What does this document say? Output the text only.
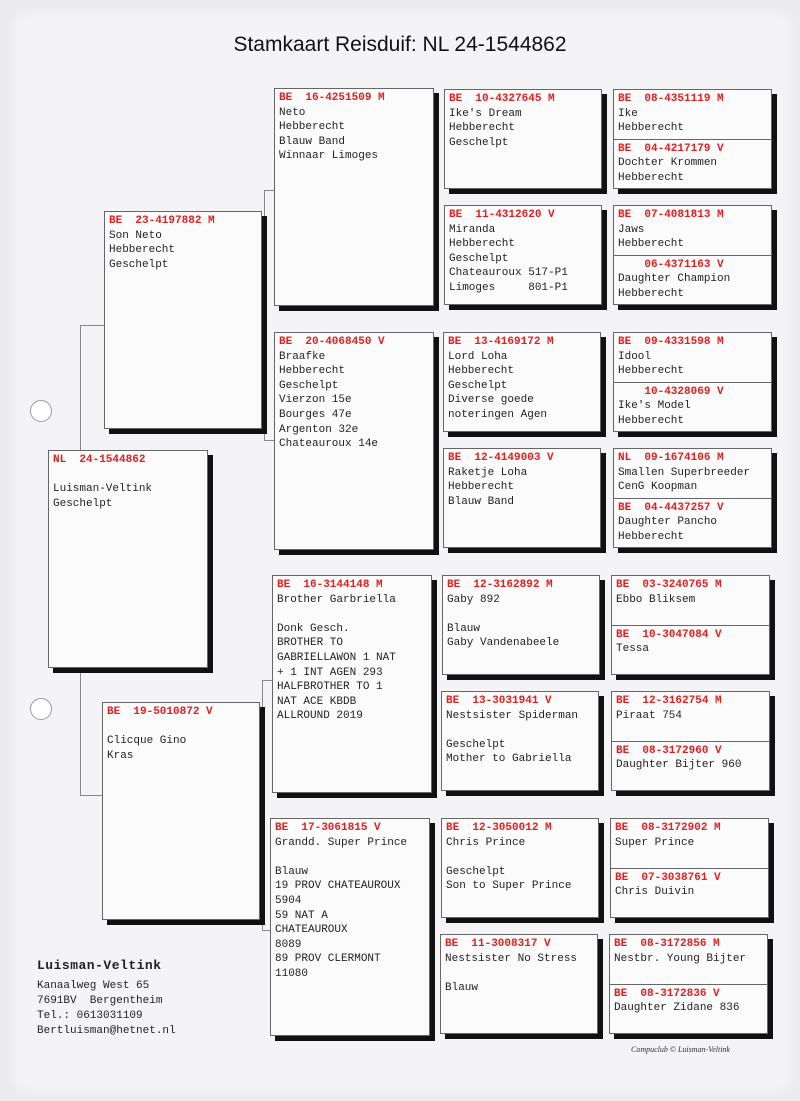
Stamkaart Reisduif: NL 24-1544862
NL  24-1544862
Luisman-Veltink
Geschelpt
BE  23-4197882 M
Son Neto
Hebberecht
Geschelpt
BE  19-5010872 V
Clicque Gino
Kras
BE  16-4251509 M
Neto
Hebberecht
Blauw Band
Winnaar Limoges
BE  20-4068450 V
Braafke
Hebberecht
Geschelpt
Vierzon 15e
Bourges 47e
Argenton 32e
Chateauroux 14e
BE  16-3144148 M
Brother Garbriella
Donk Gesch.
BROTHER TO
GABRIELLAWON 1 NAT
+ 1 INT AGEN 293
HALFBROTHER TO 1
NAT ACE KBDB
ALLROUND 2019
BE  17-3061815 V
Grandd. Super Prince
Blauw
19 PROV CHATEAUROUX
5904
59 NAT A
CHATEAUROUX
8089
89 PROV CLERMONT
11080
BE  10-4327645 M
Ike's Dream
Hebberecht
Geschelpt
BE  11-4312620 V
Miranda
Hebberecht
Geschelpt
Chateauroux 517-P1
Limoges     801-P1
BE  13-4169172 M
Lord Loha
Hebberecht
Geschelpt
Diverse goede
noteringen Agen
BE  12-4149003 V
Raketje Loha
Hebberecht
Blauw Band
BE  12-3162892 M
Gaby 892
Blauw
Gaby Vandenabeele
BE  13-3031941 V
Nestsister Spiderman
Geschelpt
Mother to Gabriella
BE  12-3050012 M
Chris Prince
Geschelpt
Son to Super Prince
BE  11-3008317 V
Nestsister No Stress
Blauw
BE  08-4351119 M
Ike
Hebberecht
BE  04-4217179 V
Dochter Krommen
Hebberecht
BE  07-4081813 M
Jaws
Hebberecht
06-4371163 V
Daughter Champion
Hebberecht
BE  09-4331598 M
Idool
Hebberecht
10-4328069 V
Ike's Model
Hebberecht
NL  09-1674106 M
Smallen Superbreeder
CenG Koopman
BE  04-4437257 V
Daughter Pancho
Hebberecht
BE  03-3240765 M
Ebbo Bliksem
BE  10-3047084 V
Tessa
BE  12-3162754 M
Piraat 754
BE  08-3172960 V
Daughter Bijter 960
BE  08-3172902 M
Super Prince
BE  07-3038761 V
Chris Duivin
BE  08-3172856 M
Nestbr. Young Bijter
BE  08-3172836 V
Daughter Zidane 836
Luisman-Veltink
Kanaalweg West 65
7691BV  Bergentheim
Tel.: 0613031109
Bertluisman@hetnet.nl
Compuclub © Luisman-Veltink
